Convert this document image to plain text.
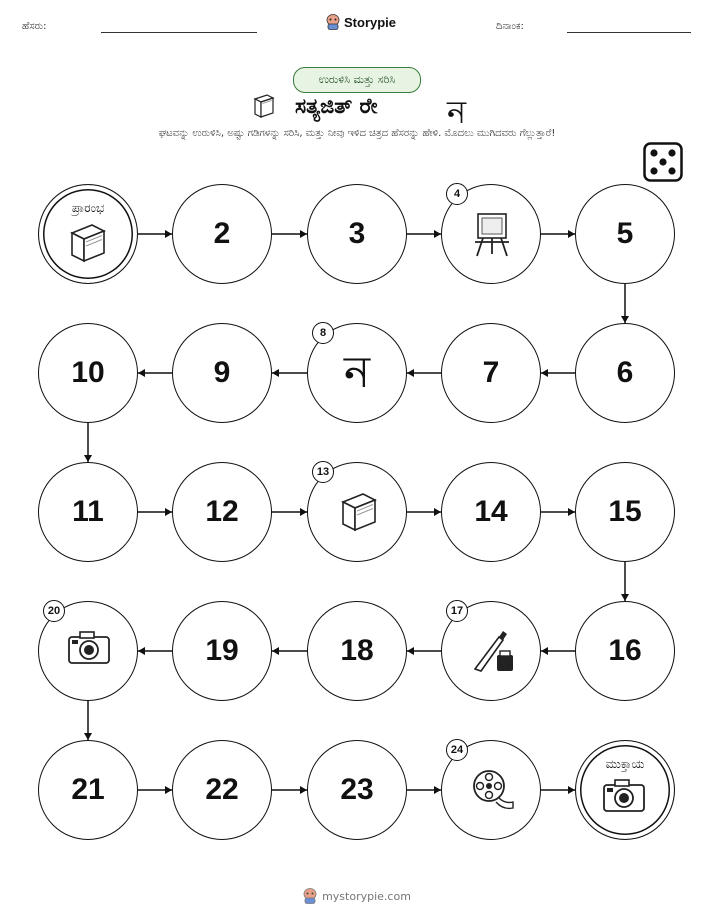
ಹೆಸರು:	ದಿನಾಂಕ:
Storypie
ಉರುಳಿಸಿ ಮತ್ತು ಸರಿಸಿ
ಸತ್ಯಜಿತ್ ರೇ ন
ಘಟವನ್ನು ಉರುಳಿಸಿ, ಅಷ್ಟು ಗಡಿಗಳನ್ನು ಸರಿಸಿ, ಮತ್ತು ನೀವು ಇಳಿದ ಚಿತ್ರದ ಹೆಸರನ್ನು ಹೇಳಿ. ಮೊದಲು ಮುಗಿದವರು ಗೆಲ್ಲುತ್ತಾರೆ!
ಪ್ರಾರಂಭ
2	3
4
5
6
7
ন
8
9
10
11	12
13
14	15
16
17
18
19
20
21	22	23
24
ಮುಕ್ತಾಯ
mystorypie.com
